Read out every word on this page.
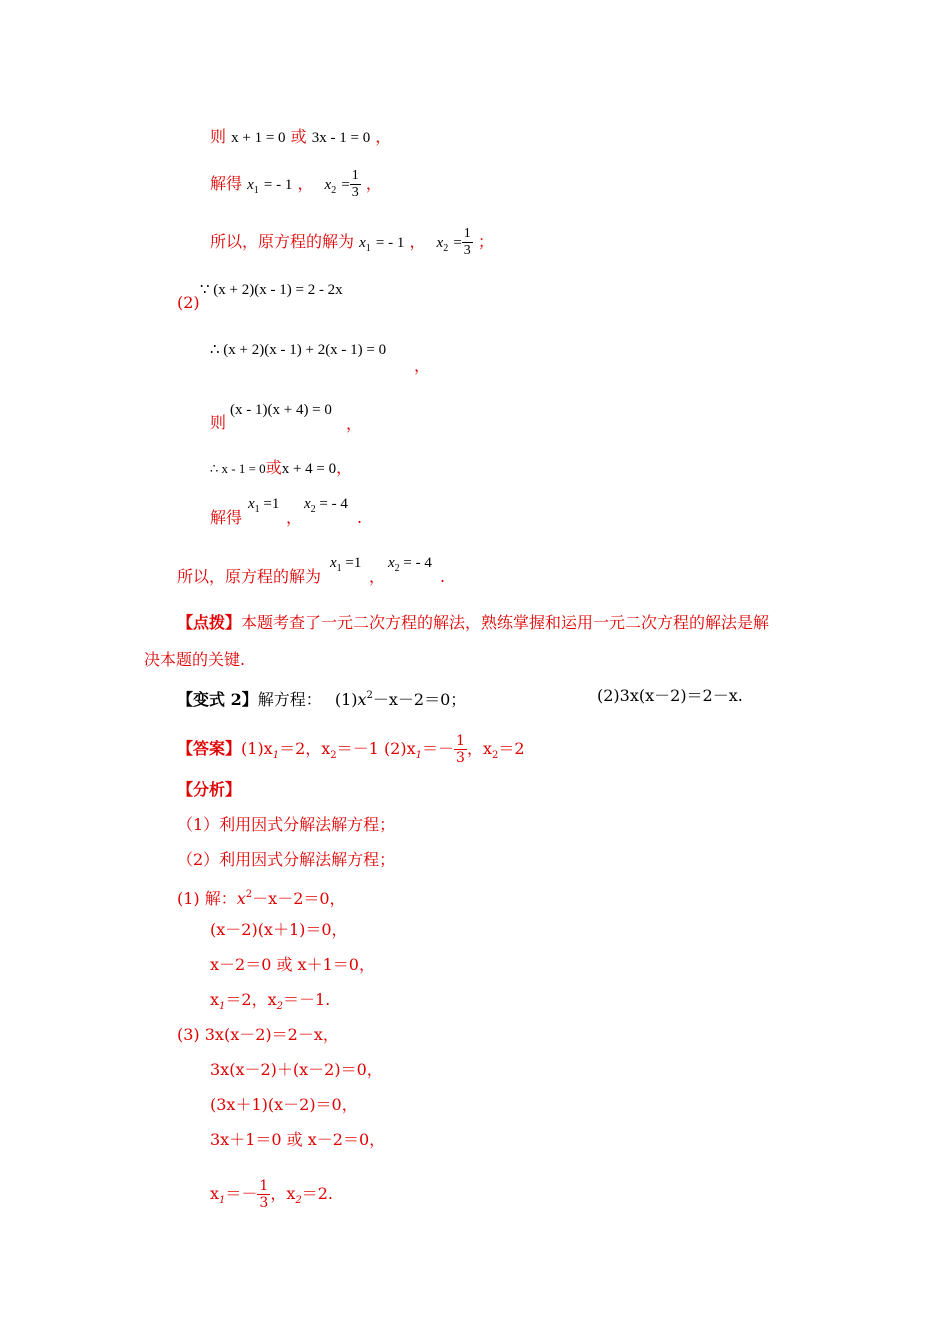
则 x + 1 = 0 或 3x - 1 = 0 ，
解得 $x_1$ = - 1 ， $x_2 = \frac{1}{3}$ ，
所以，原方程的解为 $x_1$ = - 1 ， $x_2 = \frac{1}{3}$ ；
(2)
∵ (x + 2)(x - 1) = 2 - 2x
∴ (x + 2)(x - 1) + 2(x - 1) = 0
，
则
(x - 1)(x + 4) = 0
，
∴ x - 1 = 0或x + 4 = 0，
解得
$x_1 =1$
，
$x_2$ = - 4
.
所以，原方程的解为
$x_1 =1$
，
$x_2$ = - 4
.
【点拨】本题考查了一元二次方程的解法，熟练掌握和运用一元二次方程的解法是解
决本题的关键.
【变式 2】解方程： $(1)x^2-x-2=0$；	(2)3x(x－2)＝2－x.
【答案】$(1)x_1=2$，$x_2=-1$ $(2)x_1=- \frac{1}{3}$ ，$x_2=2$
【分析】
（1）利用因式分解法解方程；
（2）利用因式分解法解方程；
(1) 解：$x^2-x-2=0$，
(x－2)(x＋1)＝0，
x－2＝0 或 x＋1＝0，
$x_1=2$，$x_2=-1$.
(3) 3x(x－2)＝2－x，
3x(x－2)＋(x－2)＝0，
(3x＋1)(x－2)＝0，
3x＋1＝0 或 x－2＝0，
$x_1=- \frac{1}{3}$ ，$x_2=2$.
